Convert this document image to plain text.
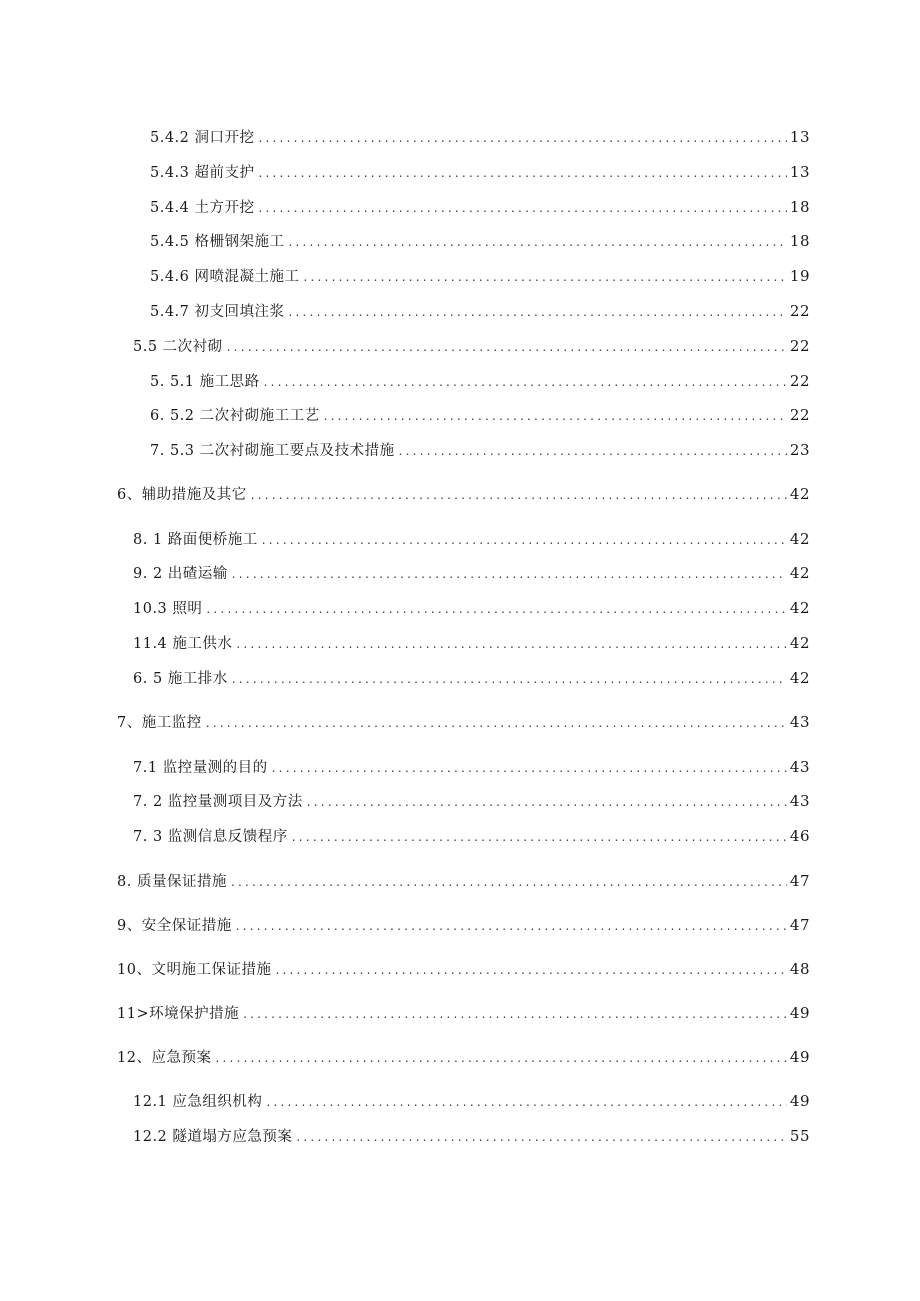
5.4.2 洞口开挖 .....	13
5.4.3 超前支护 .....	13
5.4.4 土方开挖 .....	18
5.4.5 格栅钢架施工 .....	18
5.4.6 网喷混凝土施工 .....	19
5.4.7 初支回填注浆 .....	22
5.5 二次衬砌 .....	22
5. 5.1 施工思路 .....	22
6. 5.2 二次衬砌施工工艺 .....	22
7. 5.3 二次衬砌施工要点及技术措施 .....	23
6、辅助措施及其它 .....	42
8. 1 路面便桥施工 .....	42
9. 2 出碴运输 .....	42
10.3 照明 .....	42
11.4 施工供水 .....	42
6. 5 施工排水 .....	42
7、施工监控 .....	43
7.1 监控量测的目的 .....	43
7. 2 监控量测项目及方法 .....	43
7. 3 监测信息反馈程序 .....	46
8. 质量保证措施 .....	47
9、安全保证措施 .....	47
10、文明施工保证措施 .....	48
11>环境保护措施 .....	49
12、应急预案 .....	49
12.1 应急组织机构 .....	49
12.2 隧道塌方应急预案 .....	55
